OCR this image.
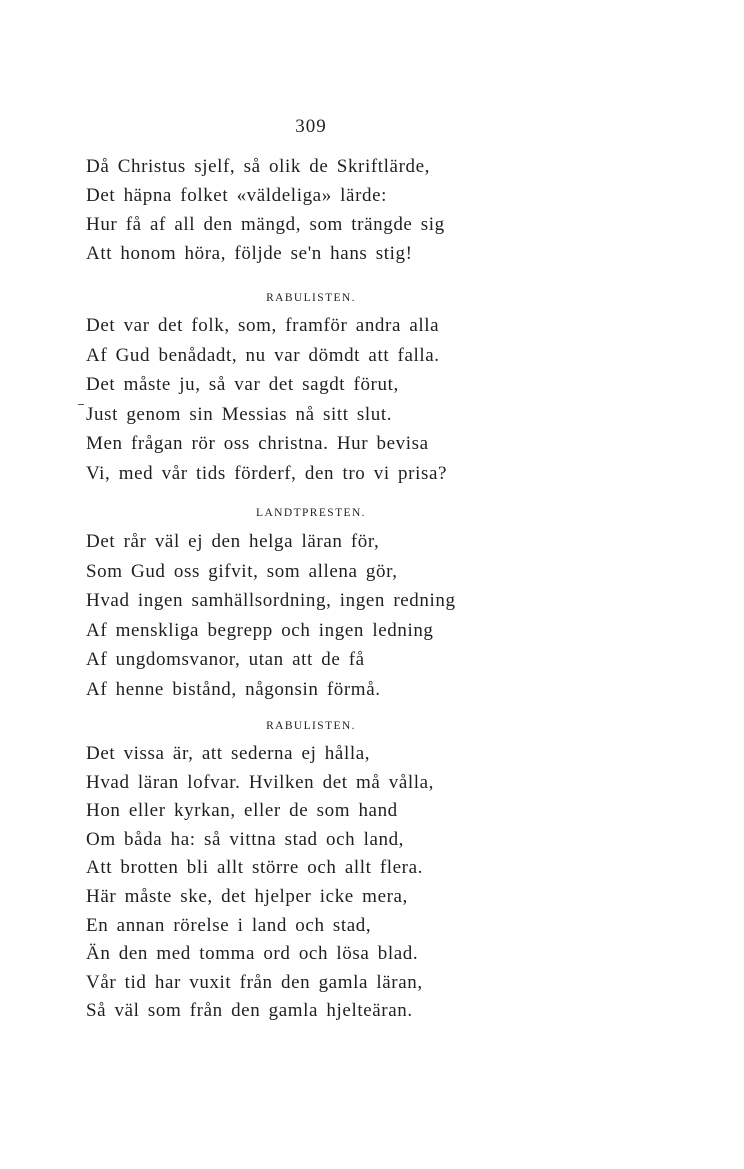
309
Då Christus sjelf, så olik de Skriftlärde,
Det häpna folket «väldeliga» lärde:
Hur få af all den mängd, som trängde sig
Att honom höra, följde se'n hans stig!
RABULISTEN.
Det var det folk, som, framför andra alla
Af Gud benådadt, nu var dömdt att falla.
Det måste ju, så var det sagdt förut,
Just genom sin Messias nå sitt slut.
Men frågan rör oss christna. Hur bevisa
Vi, med vår tids förderf, den tro vi prisa?
LANDTPRESTEN.
Det rår väl ej den helga läran för,
Som Gud oss gifvit, som allena gör,
Hvad ingen samhällsordning, ingen redning
Af menskliga begrepp och ingen ledning
Af ungdomsvanor, utan att de få
Af henne bistånd, någonsin förmå.
RABULISTEN.
Det vissa är, att sederna ej hålla,
Hvad läran lofvar. Hvilken det må vålla,
Hon eller kyrkan, eller de som hand
Om båda ha: så vittna stad och land,
Att brotten bli allt större och allt flera.
Här måste ske, det hjelper icke mera,
En annan rörelse i land och stad,
Än den med tomma ord och lösa blad.
Vår tid har vuxit från den gamla läran,
Så väl som från den gamla hjelteäran.
